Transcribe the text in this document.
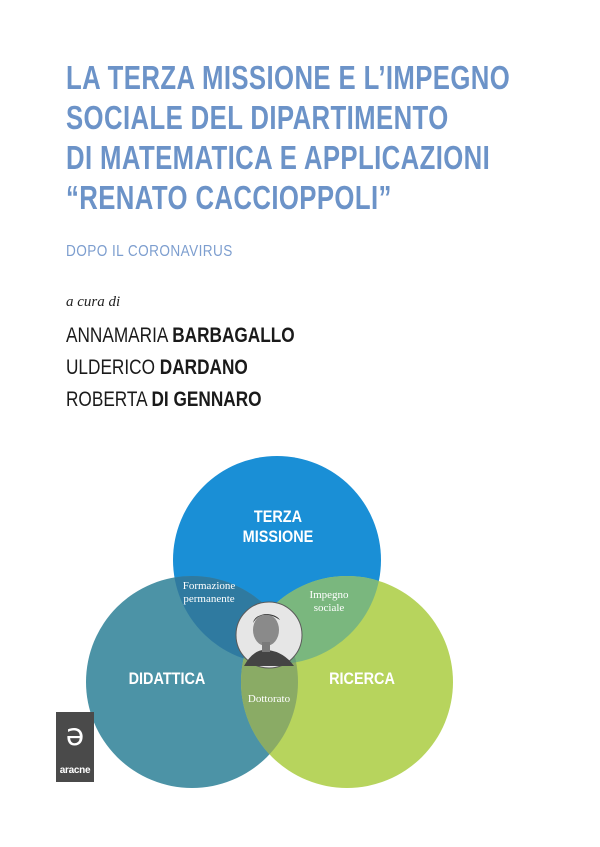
LA TERZA MISSIONE E L’IMPEGNO
SOCIALE DEL DIPARTIMENTO
DI MATEMATICA E APPLICAZIONI
“RENATO CACCIOPPOLI”
DOPO IL CORONAVIRUS
a cura di
ANNAMARIA BARBAGALLO
ULDERICO DARDANO
ROBERTA DI GENNARO
TERZA
MISSIONE
DIDATTICA	RICERCA
Formazione
permanente	Impegno
sociale
Dottorato
ə
aracne
